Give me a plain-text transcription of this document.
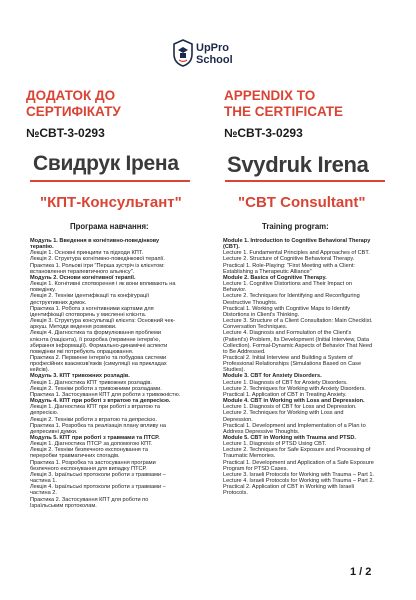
UpPro
School
ДОДАТОК ДО
СЕРТИФІКАТУ
№CBT-3-0293
APPENDIX TO
THE CERTIFICATE
№CBT-3-0293
Свидрук Ірена Svydruk Irena
"КПТ-Консультант"	"CBT Consultant"
Програма навчання:	Training program:
Модуль 1. Введення в когнітивно-поведінкову
терапію.
Лекція 1. Основні принципи та підходи КПТ.
Лекція 2. Структура когнітивно-поведінкової терапії.
Практика 1. Рольові ігри "Перша зустріч із клієнтом:
встановлення терапевтичного альянсу".
Модуль 2. Основи когнітивної терапії.
Лекція 1. Когнітивні спотворення і як вони впливають на
поведінку.
Лекція 2. Техніки ідентифікації та конфігурації
деструктивних думок.
Практика 1. Робота з когнітивними картами для
ідентифікації спотворень у мисленні клієнта.
Лекція 3. Структура консультації клієнта: Основний чек-
аркуш. Методи ведення розмови.
Лекція 4. Діагностика та формулювання проблеми
клієнта (пацієнта), її розробка (первинне інтерв'ю,
збирання інформації). Формально-динамічні аспекти
поведінки які потребують опрацювання.
Практика 2. Первинне інтерв'ю та побудова системи
професійних взаємозв'язків (симуляції на прикладах
кейсів).
Модуль 3. КПТ тривожних розладів.
Лекція 1. Діагностика КПТ тривожних розладів.
Лекція 2. Техніки роботи з тривожними розладами.
Практика 1. Застосування КПТ для роботи з тривожністю.
Модуль 4. КПТ при роботі з втратою та депресією.
Лекція 1. Діагностика КПТ при роботі з втратою та
депресією.
Лекція 2. Техніки роботи з втратою та депресією.
Практика 1. Розробка та реалізація плану впливу на
депресивні думки.
Модуль 5. КПТ при роботі з травмами та ПТСР.
Лекція 1. Діагностика ПТСР за допомогою КПТ.
Лекція 2. Техніки безпечного експонування та
переробки травматичних спогадів.
Практика 1. Розробка та застосування програми
безпечного експонування для випадку ПТСР.
Лекція 3. Ізраїльські протоколи роботи з травмами –
частина 1.
Лекція 4. Ізраїльські протоколи роботи з травмами –
частина 2.
Практика 2. Застосування КПТ для роботи по
Ізраїльським протоколам.
Module 1. Introduction to Cognitive Behavioral Therapy
(CBT).
Lecture 1. Fundamental Principles and Approaches of CBT.
Lecture 2. Structure of Cognitive Behavioral Therapy.
Practical 1. Role-Playing: "First Meeting with a Client:
Establishing a Therapeutic Alliance"
Module 2. Basics of Cognitive Therapy.
Lecture 1. Cognitive Distortions and Their Impact on
Behavior.
Lecture 2. Techniques for Identifying and Reconfiguring
Destructive Thoughts.
Practical 1. Working with Cognitive Maps to Identify
Distortions in Client's Thinking.
Lecture 3. Structure of a Client Consultation: Main Checklist.
Conversation Techniques.
Lecture 4. Diagnosis and Formulation of the Client's
(Patient's) Problem, Its Development (Initial Interview, Data
Collection). Formal-Dynamic Aspects of Behavior That Need
to Be Addressed.
Practical 2. Initial Interview and Building a System of
Professional Relationships (Simulations Based on Case
Studies).
Module 3. CBT for Anxiety Disorders.
Lecture 1. Diagnosis of CBT for Anxiety Disorders.
Lecture 2. Techniques for Working with Anxiety Disorders.
Practical 1. Application of CBT in Treating Anxiety.
Module 4. CBT in Working with Loss and Depression.
Lecture 1. Diagnosis of CBT for Loss and Depression.
Lecture 2. Techniques for Working with Loss and
Depression.
Practical 1. Development and Implementation of a Plan to
Address Depressive Thoughts.
Module 5. CBT in Working with Trauma and PTSD.
Lecture 1. Diagnosis of PTSD Using CBT.
Lecture 2. Techniques for Safe Exposure and Processing of
Traumatic Memories.
Practical 1. Development and Application of a Safe Exposure
Program for PTSD Cases.
Lecture 3. Israeli Protocols for Working with Trauma – Part 1.
Lecture 4. Israeli Protocols for Working with Trauma – Part 2.
Practical 2. Application of CBT in Working with Israeli
Protocols.
1 / 2
